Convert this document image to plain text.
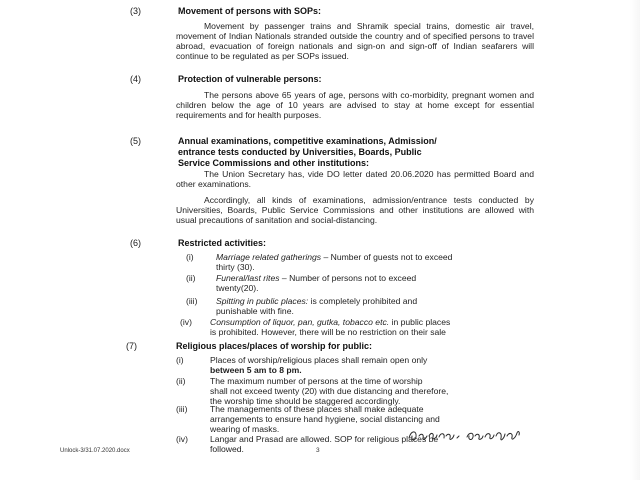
(3)	Movement of persons with SOPs:
Movement by passenger trains and Shramik special trains, domestic air travel, movement of Indian Nationals stranded outside the country and of specified persons to travel abroad, evacuation of foreign nationals and sign-on and sign-off of Indian seafarers will continue to be regulated as per SOPs issued.
(4)	Protection of vulnerable persons:
The persons above 65 years of age, persons with co-morbidity, pregnant women and children below the age of 10 years are advised to stay at home except for essential requirements and for health purposes.
(5)	Annual examinations, competitive examinations, Admission/
entrance tests conducted by Universities, Boards, Public
Service Commissions and other institutions:
The Union Secretary has, vide DO letter dated 20.06.2020 has permitted Board and other examinations.
Accordingly, all kinds of examinations, admission/entrance tests conducted by Universities, Boards, Public Service Commissions and other institutions are allowed with usual precautions of sanitation and social-distancing.
(6)	Restricted activities:
(i)	Marriage related gatherings – Number of guests not to exceed
thirty (30).
(ii) Funeral/last rites – Number of persons not to exceed
twenty(20).
(iii) Spitting in public places: is completely prohibited and
punishable with fine.
(iv) Consumption of liquor, pan, gutka, tobacco etc. in public places
is prohibited. However, there will be no restriction on their sale
(7)	Religious places/places of worship for public:
(i)	Places of worship/religious places shall remain open only
between 5 am to 8 pm.
(ii)	The maximum number of persons at the time of worship
shall not exceed twenty (20) with due distancing and therefore,
the worship time should be staggered accordingly.
(iii)	The managements of these places shall make adequate
arrangements to ensure hand hygiene, social distancing and
wearing of masks.
(iv)	Langar and Prasad are allowed. SOP for religious places be
followed.
Unlock-3/31.07.2020.docx	3
